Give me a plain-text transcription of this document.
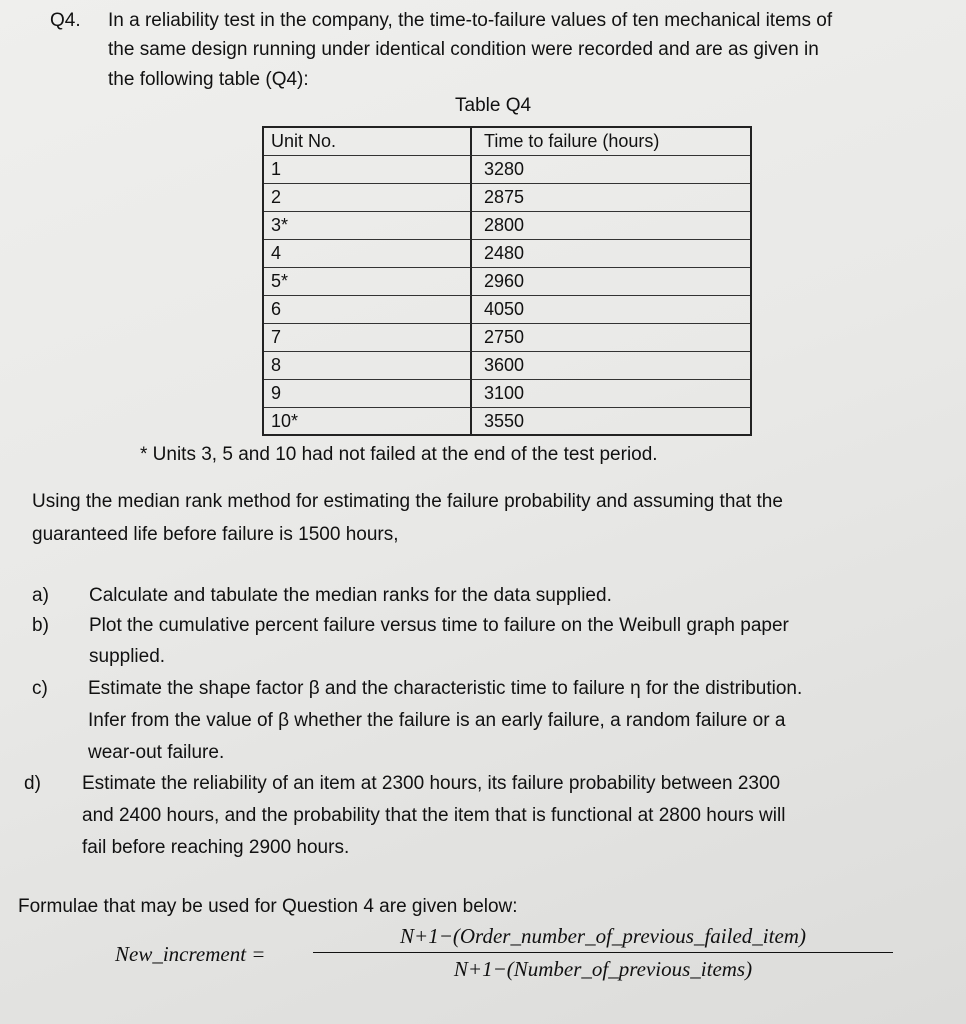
Q4. In a reliability test in the company, the time-to-failure values of ten mechanical items of
the same design running under identical condition were recorded and are as given in
the following table (Q4):
Table Q4
Unit No.	Time to failure (hours)
1	3280
2	2875
3*	2800
4	2480
5*	2960
6	4050
7	2750
8	3600
9	3100
10*	3550
* Units 3, 5 and 10 had not failed at the end of the test period.
Using the median rank method for estimating the failure probability and assuming that the
guaranteed life before failure is 1500 hours,
a) Calculate and tabulate the median ranks for the data supplied.
b) Plot the cumulative percent failure versus time to failure on the Weibull graph paper
supplied.
c) Estimate the shape factor β and the characteristic time to failure η for the distribution.
Infer from the value of β whether the failure is an early failure, a random failure or a
wear-out failure.
d) Estimate the reliability of an item at 2300 hours, its failure probability between 2300
and 2400 hours, and the probability that the item that is functional at 2800 hours will
fail before reaching 2900 hours.
Formulae that may be used for Question 4 are given below:
New_increment =
N+1−(Order_number_of_previous_failed_item)
N+1−(Number_of_previous_items)
